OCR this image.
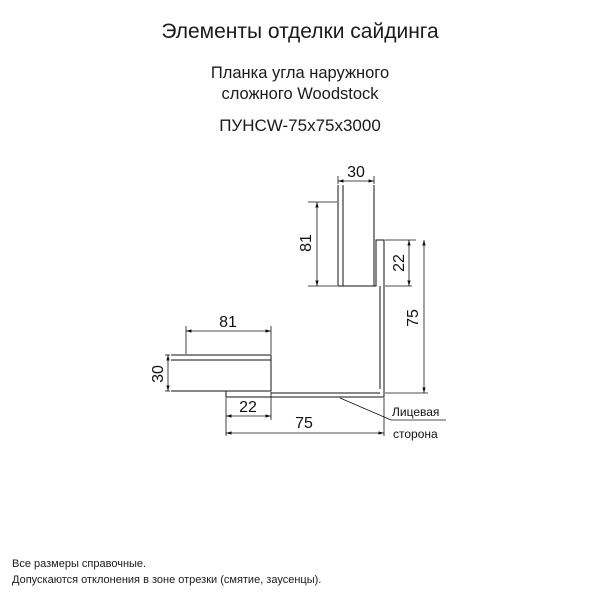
Элементы отделки сайдинга
Планка угла наружного
сложного Woodstock
ПУНСW-75x75x3000
30
81
22
75
81
30
22
75
Лицевая
сторона
Все размеры справочные.
Допускаются отклонения в зоне отрезки (смятие, заусенцы).
